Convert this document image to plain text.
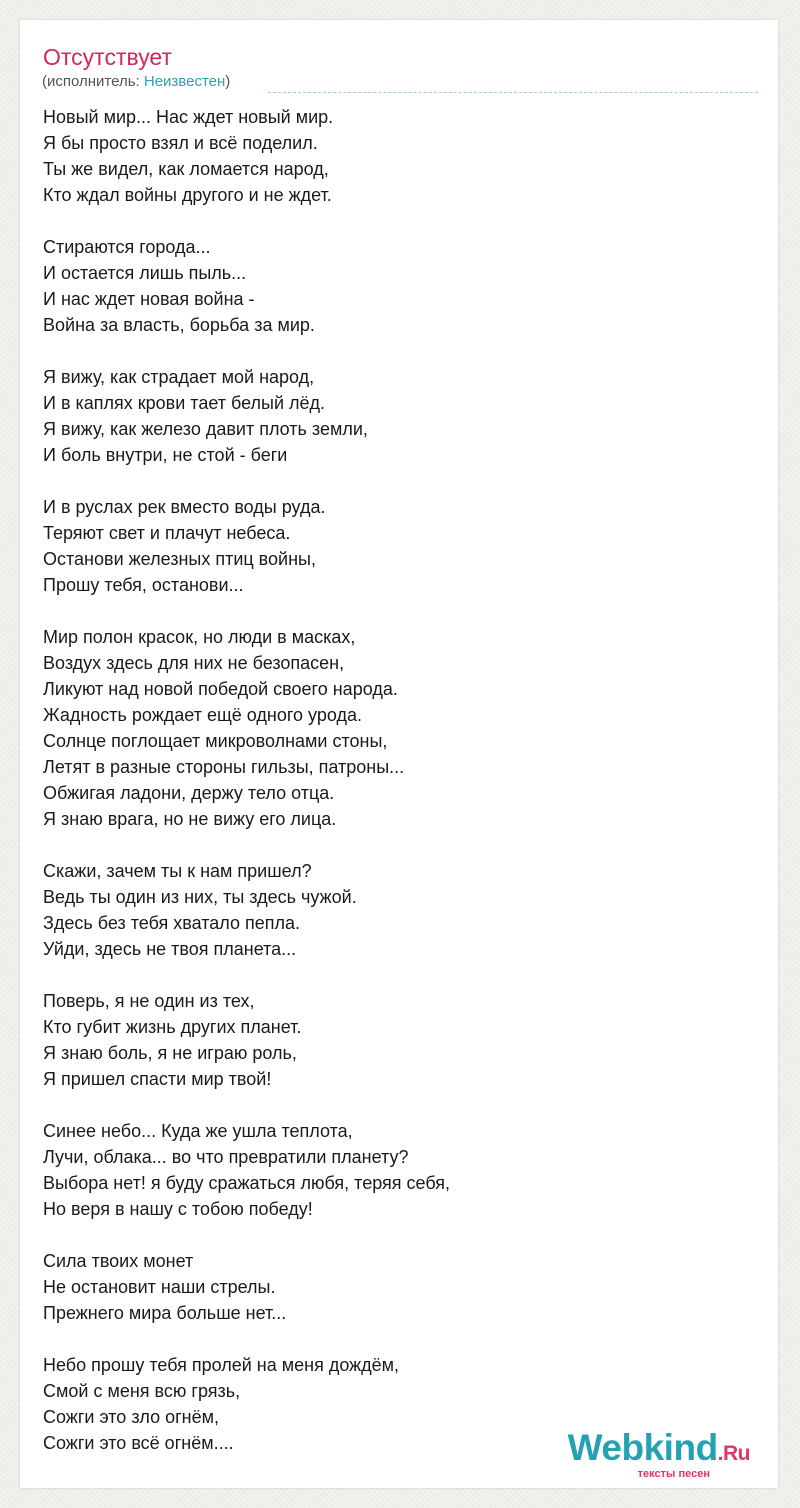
Отсутствует
(исполнитель: Неизвестен)
Новый мир... Нас ждет новый мир.
Я бы просто взял и всё поделил.
Ты же видел, как ломается народ,
Кто ждал войны другого и не ждет.
Стираются города...
И остается лишь пыль...
И нас ждет новая война -
Война за власть, борьба за мир.
Я вижу, как страдает мой народ,
И в каплях крови тает белый лёд.
Я вижу, как железо давит плоть земли,
И боль внутри, не стой - беги
И в руслах рек вместо воды руда.
Теряют свет и плачут небеса.
Останови железных птиц войны,
Прошу тебя, останови...
Мир полон красок, но люди в масках,
Воздух здесь для них не безопасен,
Ликуют над новой победой своего народа.
Жадность рождает ещё одного урода.
Солнце поглощает микроволнами стоны,
Летят в разные стороны гильзы, патроны...
Обжигая ладони, держу тело отца.
Я знаю врага, но не вижу его лица.
Скажи, зачем ты к нам пришел?
Ведь ты один из них, ты здесь чужой.
Здесь без тебя хватало пепла.
Уйди, здесь не твоя планета...
Поверь, я не один из тех,
Кто губит жизнь других планет.
Я знаю боль, я не играю роль,
Я пришел спасти мир твой!
Синее небо... Куда же ушла теплота,
Лучи, облака... во что превратили планету?
Выбора нет! я буду сражаться любя, теряя себя,
Но веря в нашу с тобою победу!
Сила твоих монет
Не остановит наши стрелы.
Прежнего мира больше нет...
Небо прошу тебя пролей на меня дождём,
Смой с меня всю грязь,
Сожги это зло огнём,
Сожги это всё огнём....	Webkind.Ru
тексты песен
